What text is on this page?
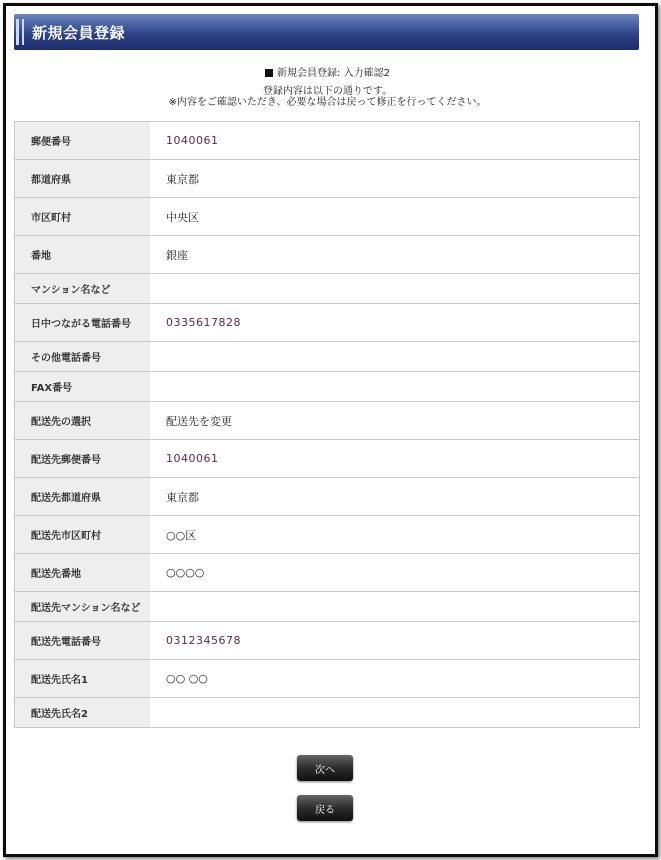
新規会員登録
新規会員登録: 入力確認2
登録内容は以下の通りです。
※内容をご確認いただき、必要な場合は戻って修正を行ってください。
郵便番号	1040061
都道府県	東京都
市区町村	中央区
番地	銀座
マンション名など
日中つながる電話番号	0335617828
その他電話番号
FAX番号
配送先の選択	配送先を変更
配送先郵便番号	1040061
配送先都道府県	東京都
配送先市区町村	○○区
配送先番地	○○○○
配送先マンション名など
配送先電話番号	0312345678
配送先氏名1	○○ ○○
配送先氏名2
次へ
戻る
